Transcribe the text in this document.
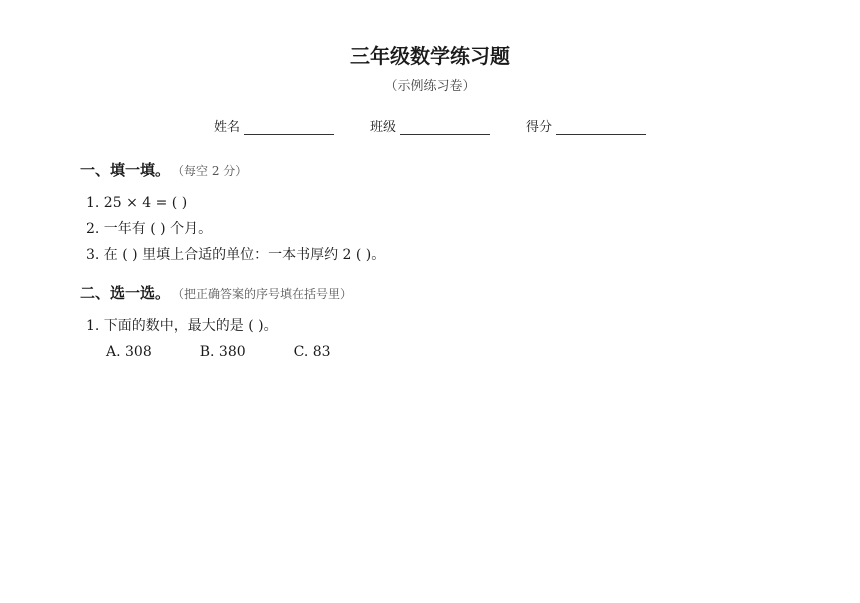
三年级数学练习题
（示例练习卷）
姓名	班级	得分
一、填一填。 （每空 2 分）
1. 25 × 4 = ( )
2. 一年有 ( ) 个月。
3. 在 ( ) 里填上合适的单位：一本书厚约 2 ( )。
二、选一选。 （把正确答案的序号填在括号里）
1. 下面的数中，最大的是 ( )。
A. 308	B. 380	C. 83
